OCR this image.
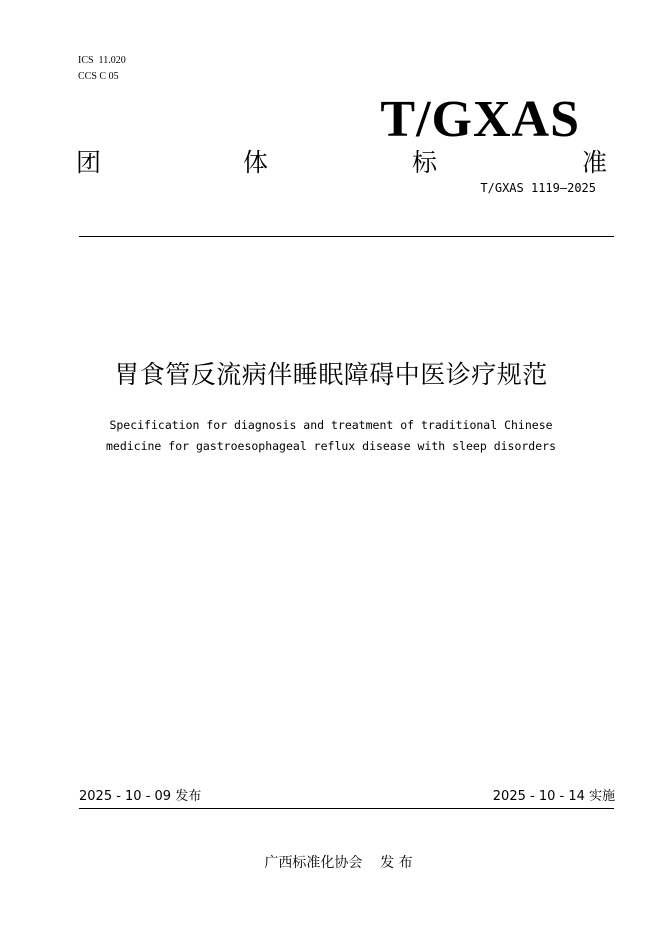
ICS  11.020
CCS C 05
T/GXAS
团	体	标	准
T/GXAS 1119—2025
胃食管反流病伴睡眠障碍中医诊疗规范
Specification for diagnosis and treatment of traditional Chinese
medicine for gastroesophageal reflux disease with sleep disorders
2025 - 10 - 09 发布	2025 - 10 - 14 实施
广西标准化协会    发 布
